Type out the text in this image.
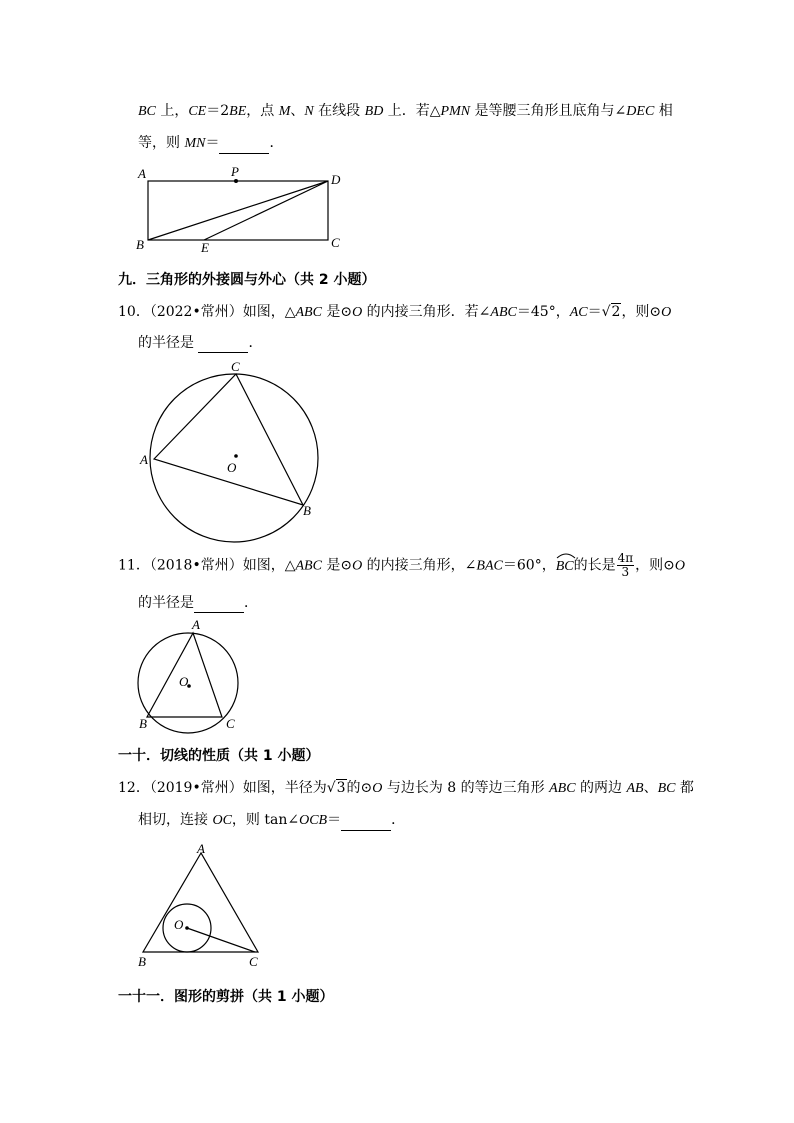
BC 上，CE＝2BE，点 M、N 在线段 BD 上．若△PMN 是等腰三角形且底角与∠DEC 相
等，则 MN＝	．
A	P
D
B	E	C
九．三角形的外接圆与外心（共 2 小题）
10．（2022•常州）如图，△ABC 是⊙O 的内接三角形．若∠ABC＝45°，AC＝√2，则⊙O
的半径是	．
A
C
B
O
11．（2018•常州）如图，△ABC 是⊙O 的内接三角形，∠BAC＝60°，
BC的长是 $\frac{4\pi}{3}$ ，则⊙O
的半径是	．
A
B	C
O
一十．切线的性质（共 1 小题）
12．（2019•常州）如图，半径为√3的⊙O 与边长为 8 的等边三角形 ABC 的两边 AB、BC 都
相切，连接 OC，则 tan∠OCB＝	．
A
B	C
O
一十一．图形的剪拼（共 1 小题）
